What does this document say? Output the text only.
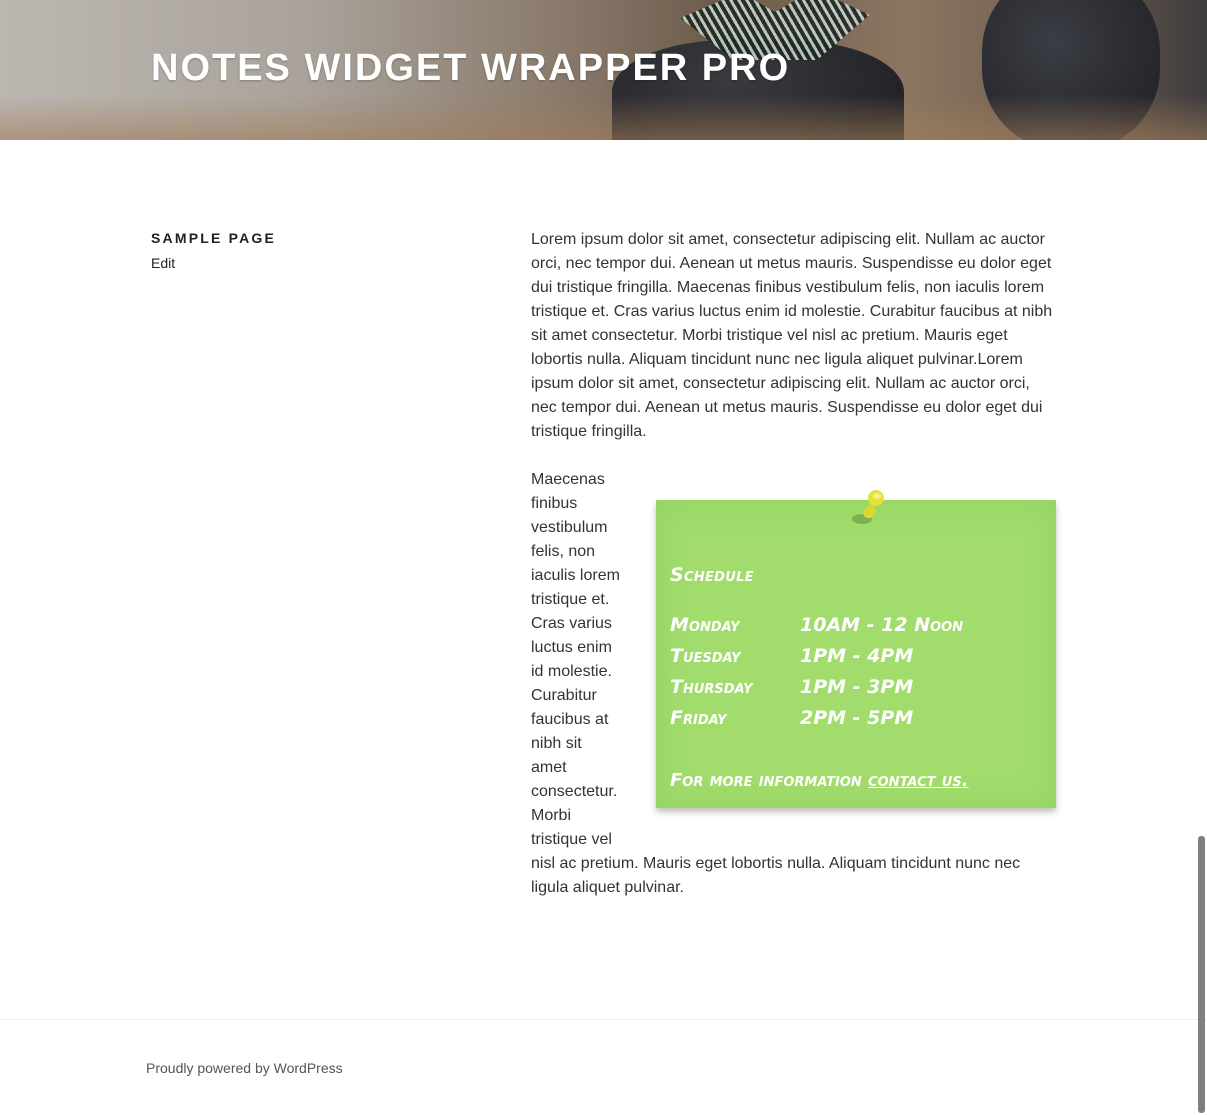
NOTES WIDGET WRAPPER PRO
SAMPLE PAGE
Edit

Lorem ipsum dolor sit amet, consectetur adipiscing elit. Nullam ac auctor orci, nec tempor dui. Aenean ut metus mauris. Suspendisse eu dolor eget dui tristique fringilla. Maecenas finibus vestibulum felis, non iaculis lorem tristique et. Cras varius luctus enim id molestie. Curabitur faucibus at nibh sit amet consectetur. Morbi tristique vel nisl ac pretium. Mauris eget lobortis nulla. Aliquam tincidunt nunc nec ligula aliquet pulvinar.Lorem ipsum dolor sit amet, consectetur adipiscing elit. Nullam ac auctor orci, nec tempor dui. Aenean ut metus mauris. Suspendisse eu dolor eget dui tristique fringilla.

Maecenas
finibus
vestibulum
felis, non
iaculis lorem
tristique et.
Cras varius
luctus enim
id molestie.
Curabitur
faucibus at
nibh sit
amet
consectetur.
Morbi
tristique vel
nisl ac pretium. Mauris eget lobortis nulla. Aliquam tincidunt nunc nec
ligula aliquet pulvinar.

Schedule
Monday	10AM - 12 Noon
Tuesday	1PM - 4PM
Thursday 1PM - 3PM
Friday	2PM - 5PM
For more information contact us.
Proudly powered by WordPress
